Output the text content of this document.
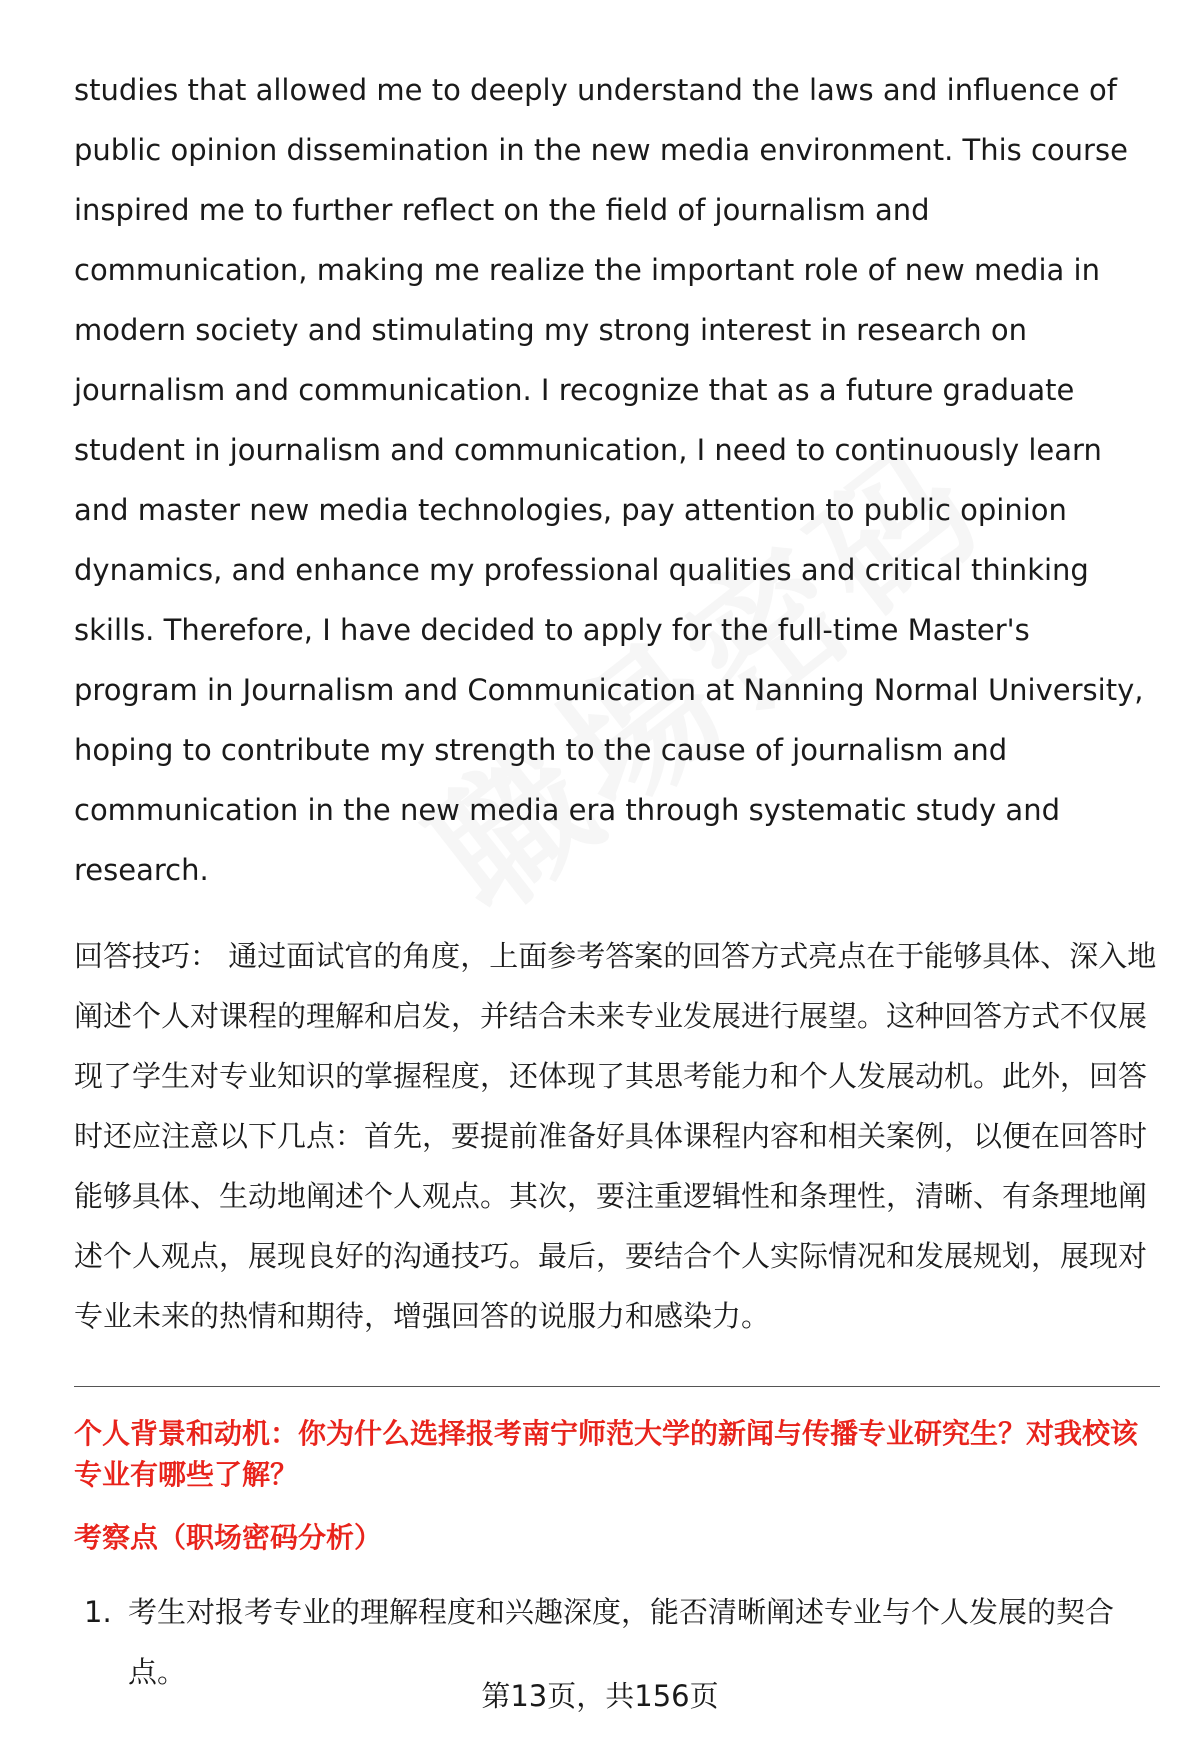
studies that allowed me to deeply understand the laws and influence of public opinion dissemination in the new media environment. This course inspired me to further reflect on the field of journalism and communication, making me realize the important role of new media in modern society and stimulating my strong interest in research on journalism and communication. I recognize that as a future graduate student in journalism and communication, I need to continuously learn and master new media technologies, pay attention to public opinion dynamics, and enhance my professional qualities and critical thinking skills. Therefore, I have decided to apply for the full-time Master's program in Journalism and Communication at Nanning Normal University, hoping to contribute my strength to the cause of journalism and communication in the new media era through systematic study and research.

回答技巧： 通过面试官的角度，上面参考答案的回答方式亮点在于能够具体、深入地阐述个人对课程的理解和启发，并结合未来专业发展进行展望。这种回答方式不仅展现了学生对专业知识的掌握程度，还体现了其思考能力和个人发展动机。此外，回答时还应注意以下几点：首先，要提前准备好具体课程内容和相关案例，以便在回答时能够具体、生动地阐述个人观点。其次，要注重逻辑性和条理性，清晰、有条理地阐述个人观点，展现良好的沟通技巧。最后，要结合个人实际情况和发展规划，展现对专业未来的热情和期待，增强回答的说服力和感染力。

个人背景和动机：你为什么选择报考南宁师范大学的新闻与传播专业研究生？对我校该专业有哪些了解？
考察点（职场密码分析）
1. 考生对报考专业的理解程度和兴趣深度，能否清晰阐述专业与个人发展的契合点。
第13页，共156页
